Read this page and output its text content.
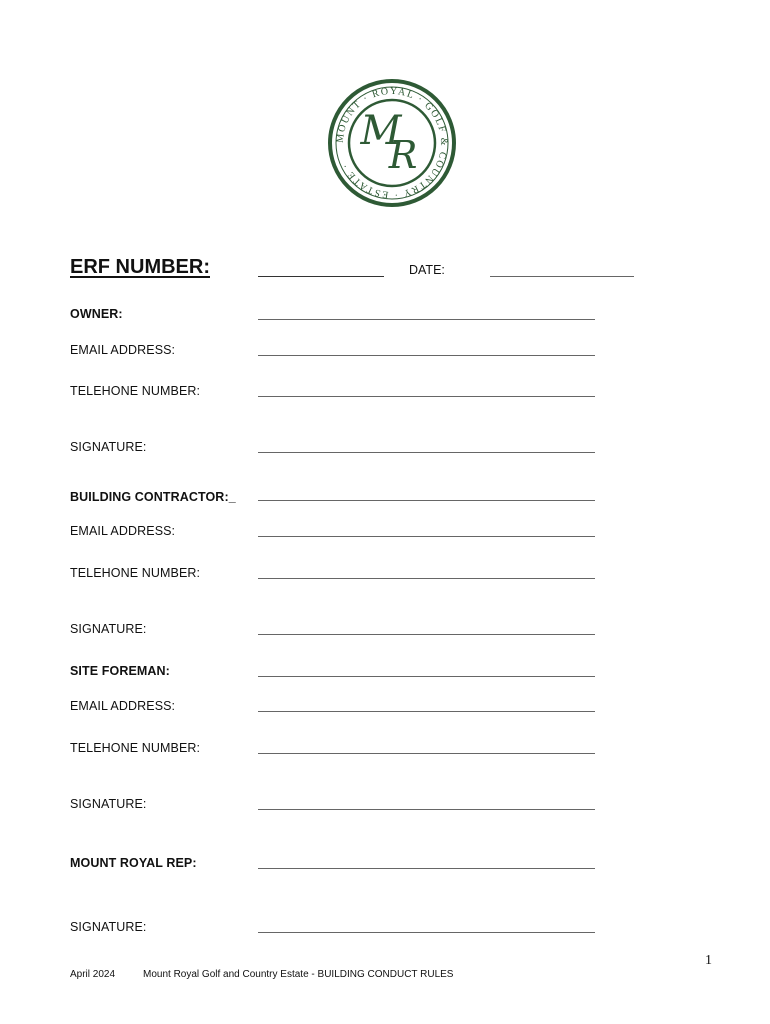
MOUNT · ROYAL · GOLF & COUNTRY · ESTATE ·
M
R
ERF NUMBER:	DATE:
OWNER:
EMAIL ADDRESS:
TELEHONE NUMBER:
SIGNATURE:
BUILDING CONTRACTOR:_
EMAIL ADDRESS:
TELEHONE NUMBER:
SIGNATURE:
SITE FOREMAN:
EMAIL ADDRESS:
TELEHONE NUMBER:
SIGNATURE:
MOUNT ROYAL REP:
SIGNATURE:
1
April 2024	Mount Royal Golf and Country Estate - BUILDING CONDUCT RULES
